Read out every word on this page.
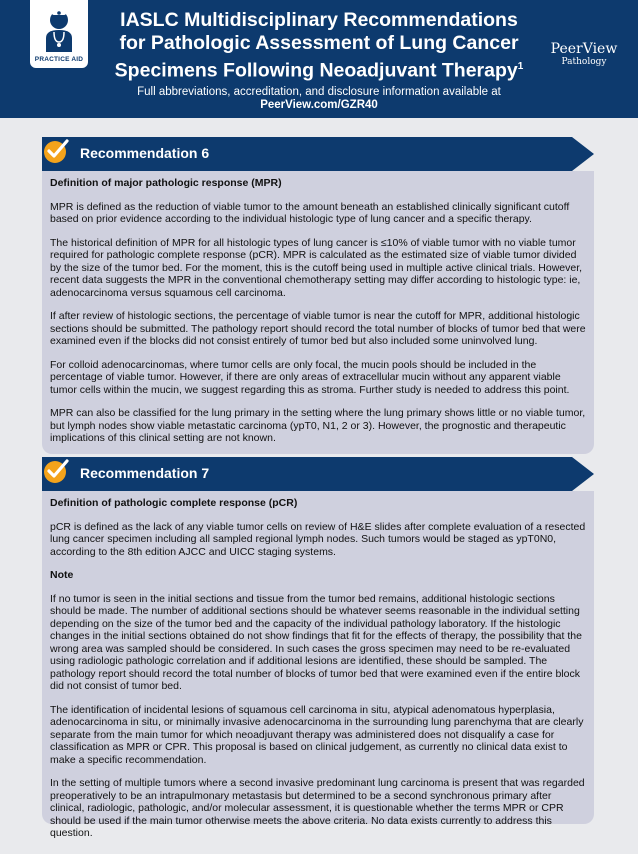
PRACTICE AID
IASLC Multidisciplinary Recommendations
for Pathologic Assessment of Lung Cancer
Specimens Following Neoadjuvant Therapy$^1$
Full abbreviations, accreditation, and disclosure information available at
PeerView.com/GZR40
PeerView
Pathology
Recommendation 6

Definition of major pathologic response (MPR)

MPR is defined as the reduction of viable tumor to the amount beneath an established clinically significant cutoff based on prior evidence according to the individual histologic type of lung cancer and a specific therapy.

The historical definition of MPR for all histologic types of lung cancer is ≤10% of viable tumor with no viable tumor required for pathologic complete response (pCR). MPR is calculated as the estimated size of viable tumor divided by the size of the tumor bed. For the moment, this is the cutoff being used in multiple active clinical trials. However, recent data suggests the MPR in the conventional chemotherapy setting may differ according to histologic type: ie, adenocarcinoma versus squamous cell carcinoma.

If after review of histologic sections, the percentage of viable tumor is near the cutoff for MPR, additional histologic sections should be submitted. The pathology report should record the total number of blocks of tumor bed that were examined even if the blocks did not consist entirely of tumor bed but also included some uninvolved lung.

For colloid adenocarcinomas, where tumor cells are only focal, the mucin pools should be included in the percentage of viable tumor. However, if there are only areas of extracellular mucin without any apparent viable tumor cells within the mucin, we suggest regarding this as stroma. Further study is needed to address this point.

MPR can also be classified for the lung primary in the setting where the lung primary shows little or no viable tumor, but lymph nodes show viable metastatic carcinoma (ypT0, N1, 2 or 3). However, the prognostic and therapeutic implications of this clinical setting are not known.

Recommendation 7

Definition of pathologic complete response (pCR)

pCR is defined as the lack of any viable tumor cells on review of H&E slides after complete evaluation of a resected lung cancer specimen including all sampled regional lymph nodes. Such tumors would be staged as ypT0N0, according to the 8th edition AJCC and UICC staging systems.

Note

If no tumor is seen in the initial sections and tissue from the tumor bed remains, additional histologic sections should be made. The number of additional sections should be whatever seems reasonable in the individual setting depending on the size of the tumor bed and the capacity of the individual pathology laboratory. If the histologic changes in the initial sections obtained do not show findings that fit for the effects of therapy, the possibility that the wrong area was sampled should be considered. In such cases the gross specimen may need to be re-evaluated using radiologic pathologic correlation and if additional lesions are identified, these should be sampled. The pathology report should record the total number of blocks of tumor bed that were examined even if the entire block did not consist of tumor bed.

The identification of incidental lesions of squamous cell carcinoma in situ, atypical adenomatous hyperplasia, adenocarcinoma in situ, or minimally invasive adenocarcinoma in the surrounding lung parenchyma that are clearly separate from the main tumor for which neoadjuvant therapy was administered does not disqualify a case for classification as MPR or CPR. This proposal is based on clinical judgement, as currently no clinical data exist to make a specific recommendation.

In the setting of multiple tumors where a second invasive predominant lung carcinoma is present that was regarded preoperatively to be an intrapulmonary metastasis but determined to be a second synchronous primary after clinical, radiologic, pathologic, and/or molecular assessment, it is questionable whether the terms MPR or CPR should be used if the main tumor otherwise meets the above criteria. No data exists currently to address this question.
